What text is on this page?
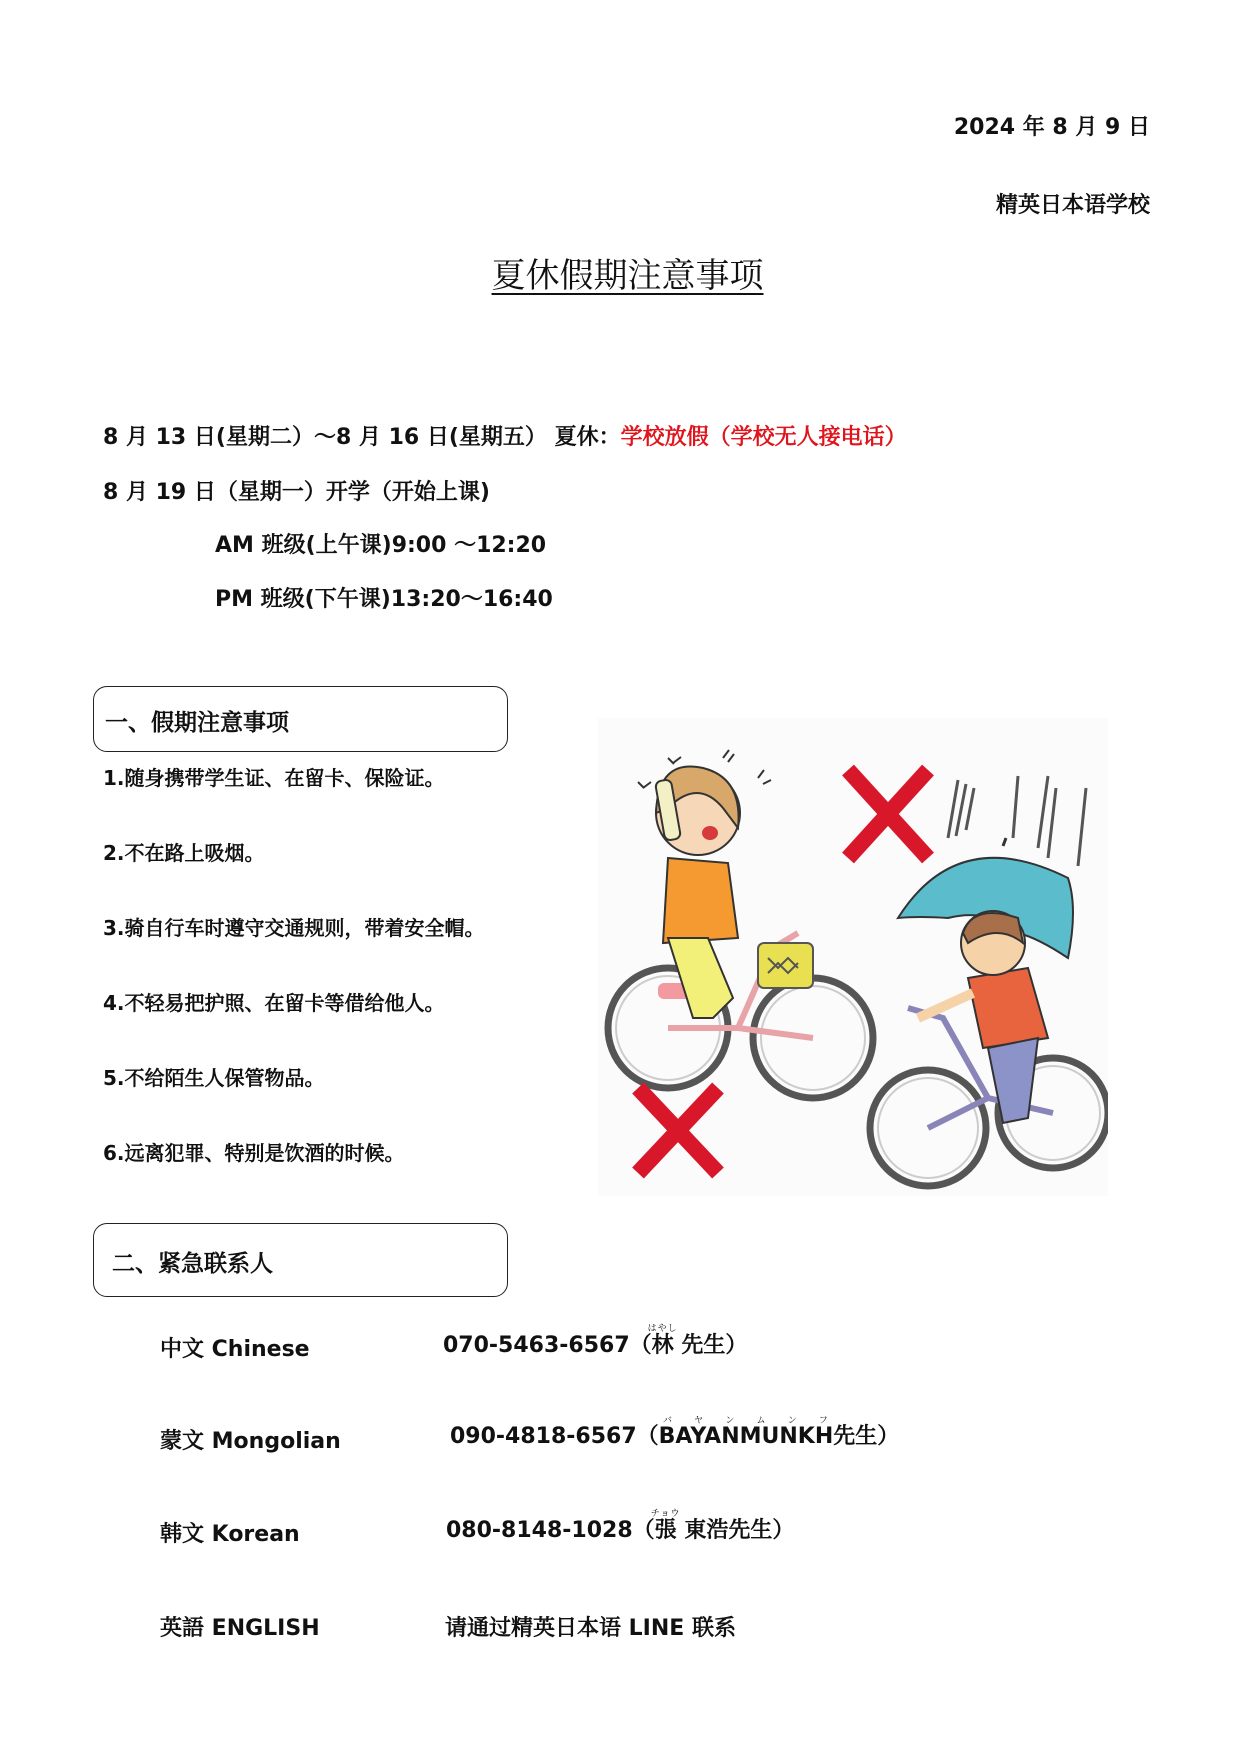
2024 年 8 月 9 日
精英日本语学校
夏休假期注意事项
8 月 13 日(星期二）～8 月 16 日(星期五） 夏休：学校放假（学校无人接电话）
8 月 19 日（星期一）开学（开始上课)
AM 班级(上午课)9:00 ～12:20
PM 班级(下午课)13:20～16:40
一、假期注意事项
1.随身携带学生证、在留卡、保险证。
2.不在路上吸烟。
3.骑自行车时遵守交通规则，带着安全帽。
4.不轻易把护照、在留卡等借给他人。
5.不给陌生人保管物品。
6.远离犯罪、特别是饮酒的时候。
二、紧急联系人
中文 Chinese	070-5463-6567（林はやし 先生）
蒙文 Mongolian	090-4818-6567（BAYANMUNKHバ ヤ ン ム ン フ先生）
韩文 Korean	080-8148-1028（張チョウ 東浩先生）
英語 ENGLISH	请通过精英日本语 LINE 联系
